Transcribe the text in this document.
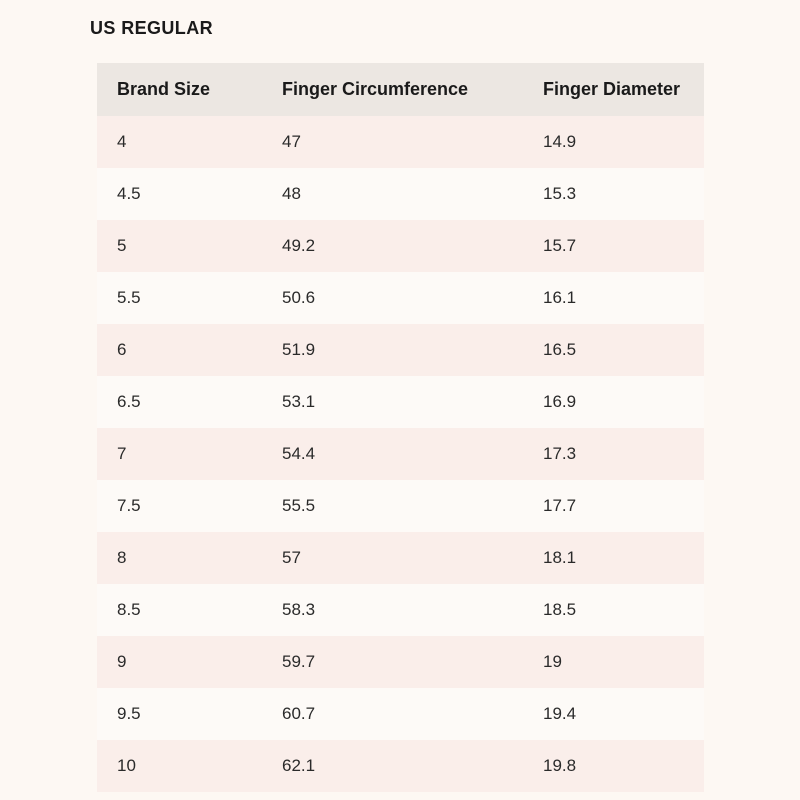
US REGULAR
Brand Size	Finger Circumference	Finger Diameter
4	47	14.9
4.5	48	15.3
5	49.2	15.7
5.5	50.6	16.1
6	51.9	16.5
6.5	53.1	16.9
7	54.4	17.3
7.5	55.5	17.7
8	57	18.1
8.5	58.3	18.5
9	59.7	19
9.5	60.7	19.4
10	62.1	19.8
